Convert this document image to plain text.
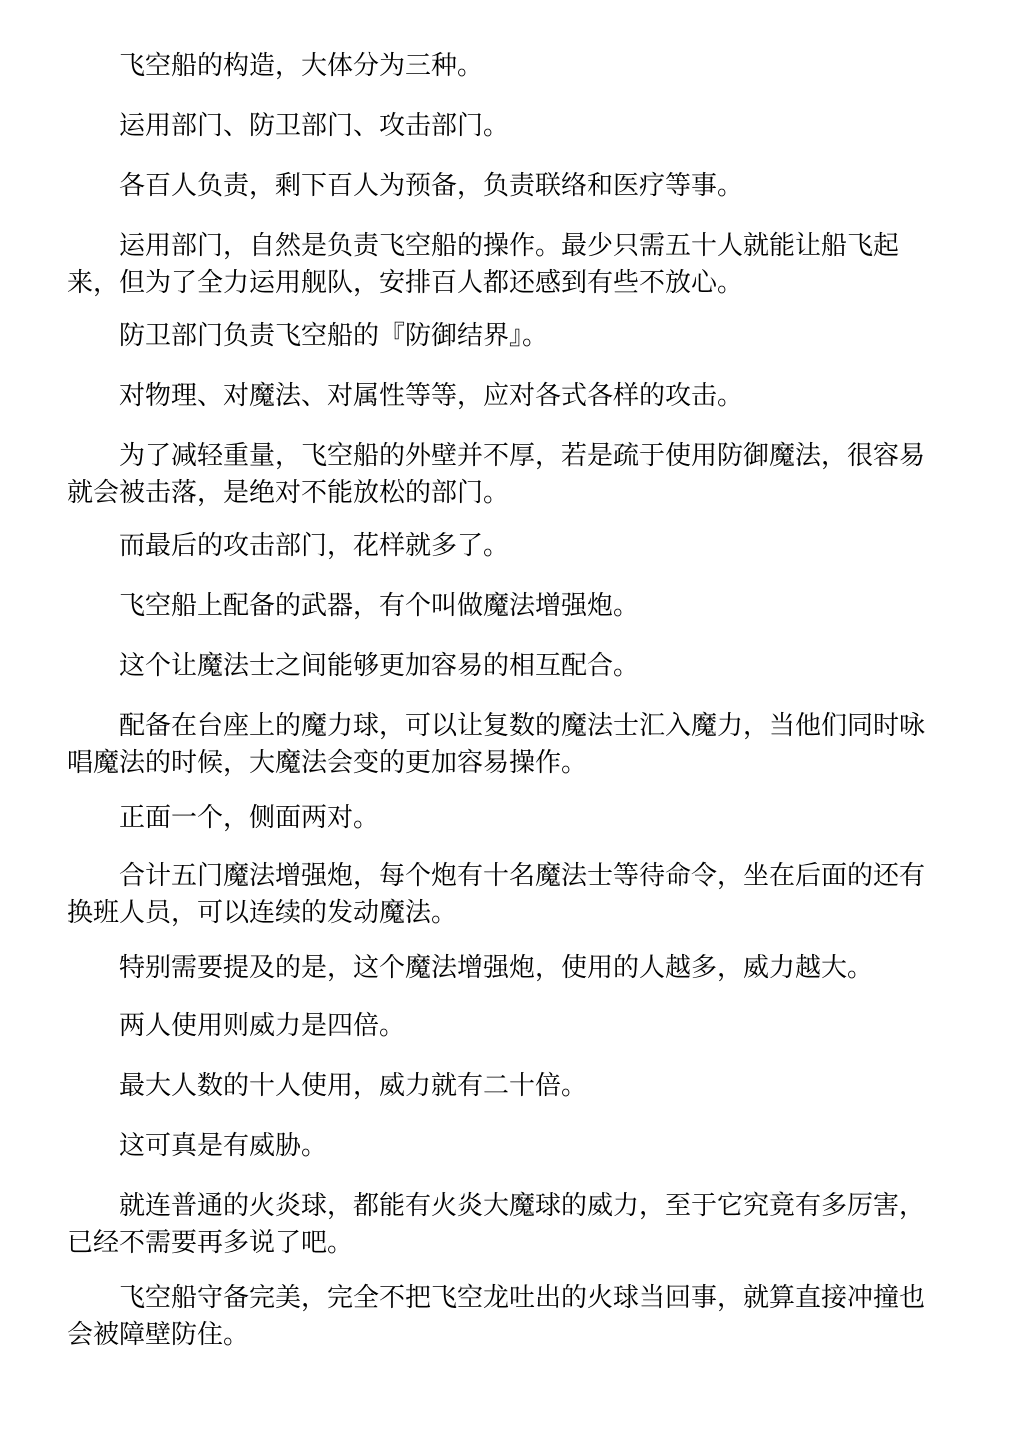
飞空船的构造，大体分为三种。

运用部门、防卫部门、攻击部门。

各百人负责，剩下百人为预备，负责联络和医疗等事。

运用部门，自然是负责飞空船的操作。最少只需五十人就能让船飞起来，但为了全力运用舰队，安排百人都还感到有些不放心。

防卫部门负责飞空船的『防御结界』。

对物理、对魔法、对属性等等，应对各式各样的攻击。

为了减轻重量，飞空船的外壁并不厚，若是疏于使用防御魔法，很容易就会被击落，是绝对不能放松的部门。

而最后的攻击部门，花样就多了。

飞空船上配备的武器，有个叫做魔法增强炮。

这个让魔法士之间能够更加容易的相互配合。

配备在台座上的魔力球，可以让复数的魔法士汇入魔力，当他们同时咏唱魔法的时候，大魔法会变的更加容易操作。

正面一个，侧面两对。

合计五门魔法增强炮，每个炮有十名魔法士等待命令，坐在后面的还有换班人员，可以连续的发动魔法。

特别需要提及的是，这个魔法增强炮，使用的人越多，威力越大。

两人使用则威力是四倍。

最大人数的十人使用，威力就有二十倍。

这可真是有威胁。

就连普通的火炎球，都能有火炎大魔球的威力，至于它究竟有多厉害，已经不需要再多说了吧。

飞空船守备完美，完全不把飞空龙吐出的火球当回事，就算直接冲撞也会被障壁防住。
